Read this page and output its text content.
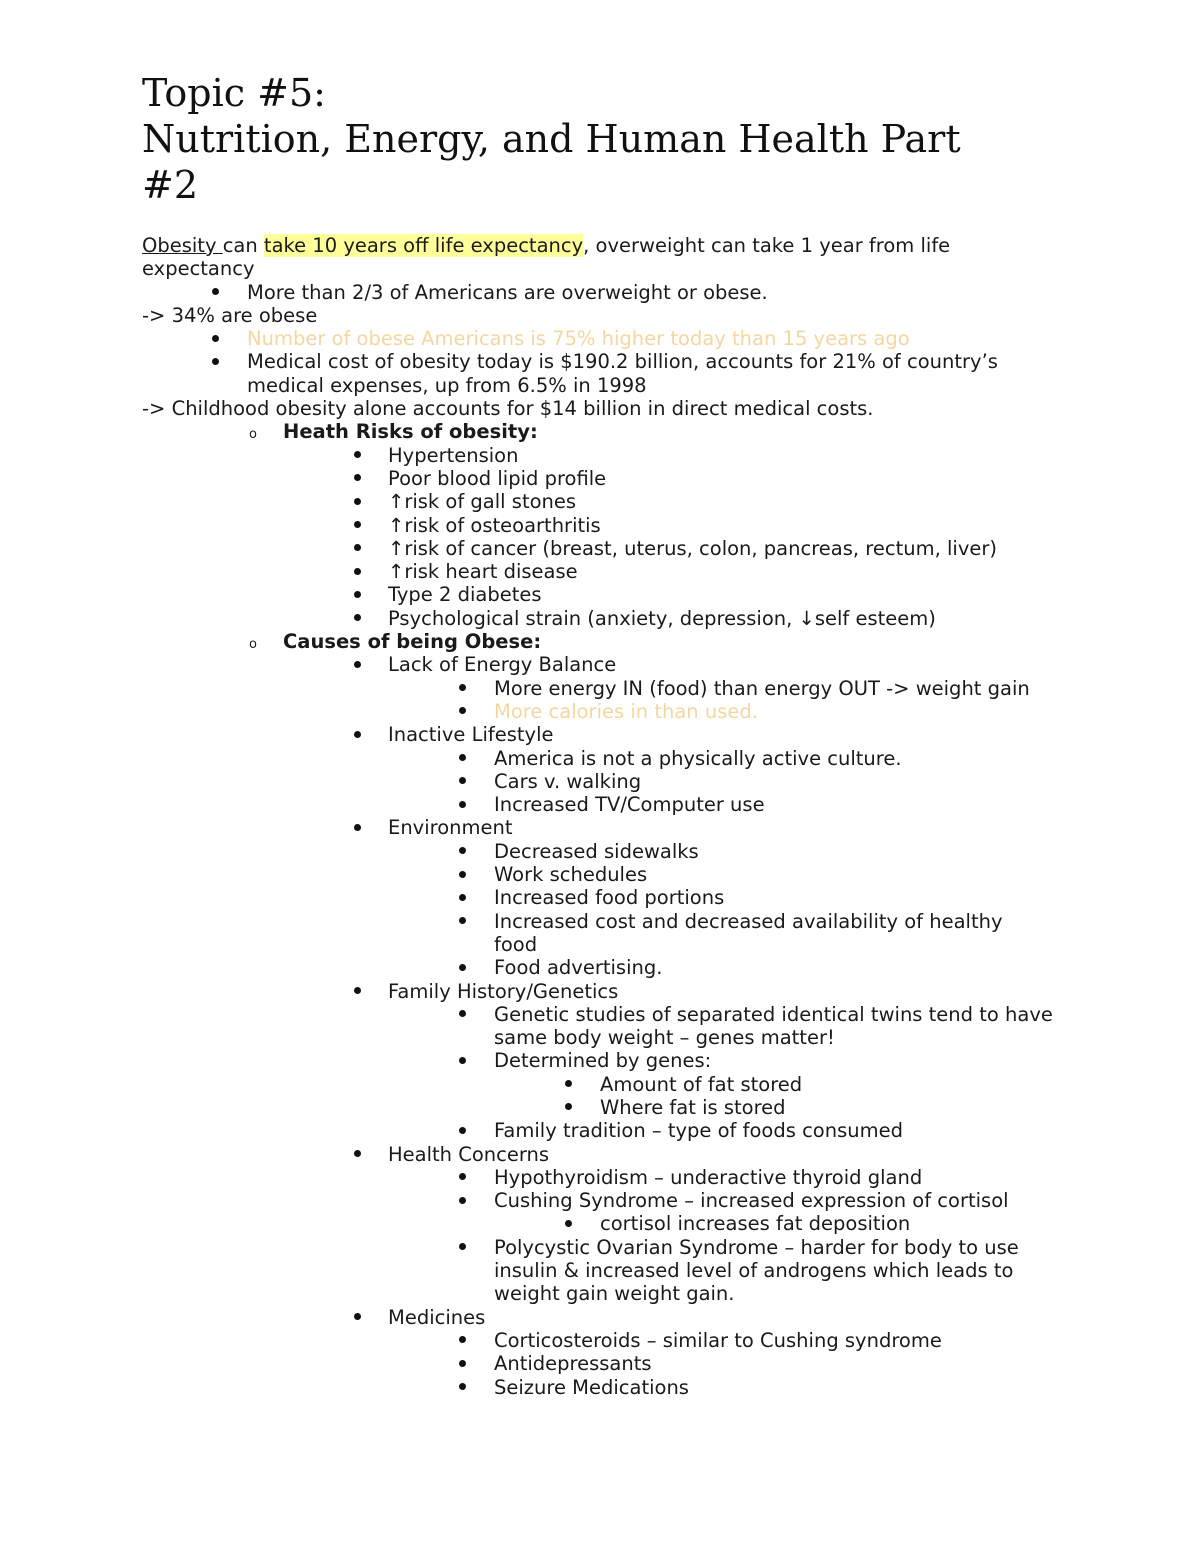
Topic #5:
Nutrition, Energy, and Human Health Part
#2
Obesity can take 10 years off life expectancy, overweight can take 1 year from life
expectancy
More than 2/3 of Americans are overweight or obese.
-> 34% are obese
Number of obese Americans is 75% higher today than 15 years ago
Medical cost of obesity today is $190.2 billion, accounts for 21% of country’s
medical expenses, up from 6.5% in 1998
-> Childhood obesity alone accounts for $14 billion in direct medical costs.
o Heath Risks of obesity:
Hypertension
Poor blood lipid profile
↑risk of gall stones
↑risk of osteoarthritis
↑risk of cancer (breast, uterus, colon, pancreas, rectum, liver)
↑risk heart disease
Type 2 diabetes
Psychological strain (anxiety, depression, ↓self esteem)
o Causes of being Obese:
Lack of Energy Balance
More energy IN (food) than energy OUT -> weight gain
More calories in than used.
Inactive Lifestyle
America is not a physically active culture.
Cars v. walking
Increased TV/Computer use
Environment
Decreased sidewalks
Work schedules
Increased food portions
Increased cost and decreased availability of healthy
food
Food advertising.
Family History/Genetics
Genetic studies of separated identical twins tend to have
same body weight – genes matter!
Determined by genes:
Amount of fat stored
Where fat is stored
Family tradition – type of foods consumed
Health Concerns
Hypothyroidism – underactive thyroid gland
Cushing Syndrome – increased expression of cortisol
cortisol increases fat deposition
Polycystic Ovarian Syndrome – harder for body to use
insulin & increased level of androgens which leads to
weight gain weight gain.
Medicines
Corticosteroids – similar to Cushing syndrome
Antidepressants
Seizure Medications
